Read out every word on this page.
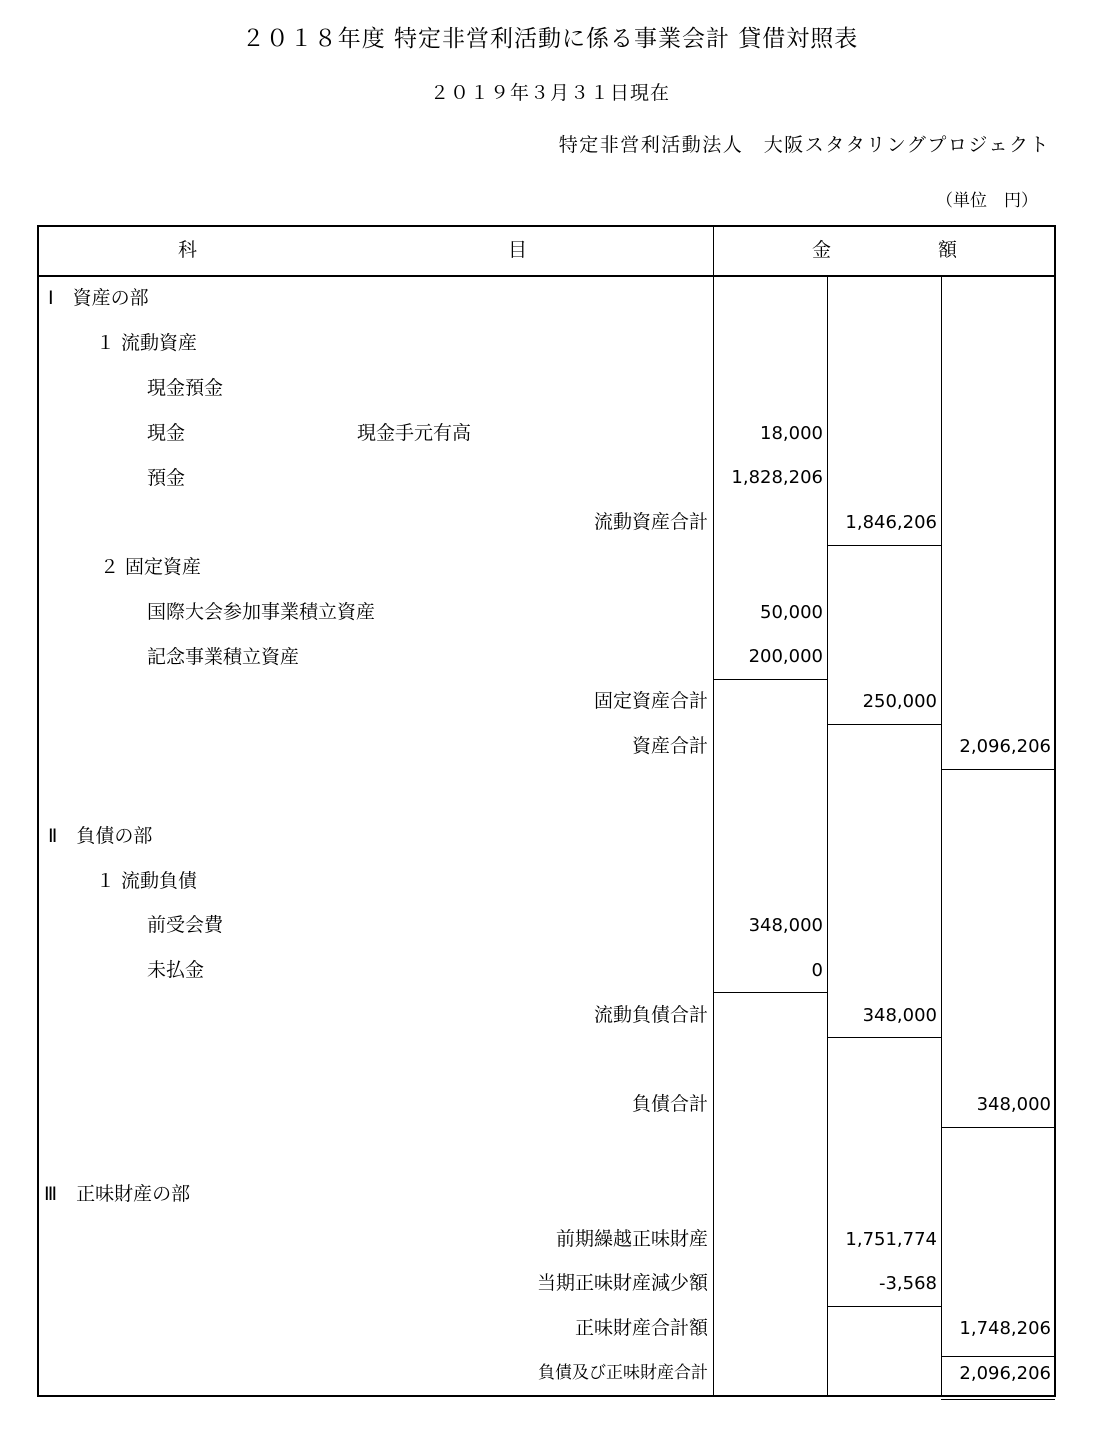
２０１８年度 特定非営利活動に係る事業会計 貸借対照表
２０１９年３月３１日現在
特定非営利活動法人　大阪スタタリングプロジェクト
（単位　円）
科	目	金	額
Ⅰ　資産の部
１ 流動資産
現金預金
現金	現金手元有高	18,000
預金	1,828,206
流動資産合計	1,846,206
２ 固定資産
国際大会参加事業積立資産	50,000
記念事業積立資産	200,000
固定資産合計	250,000
資産合計	2,096,206
Ⅱ　負債の部
１ 流動負債
前受会費	348,000
未払金	0
流動負債合計	348,000
負債合計	348,000
Ⅲ　正味財産の部
前期繰越正味財産	1,751,774
当期正味財産減少額	-3,568
正味財産合計額	1,748,206
負債及び正味財産合計	2,096,206
